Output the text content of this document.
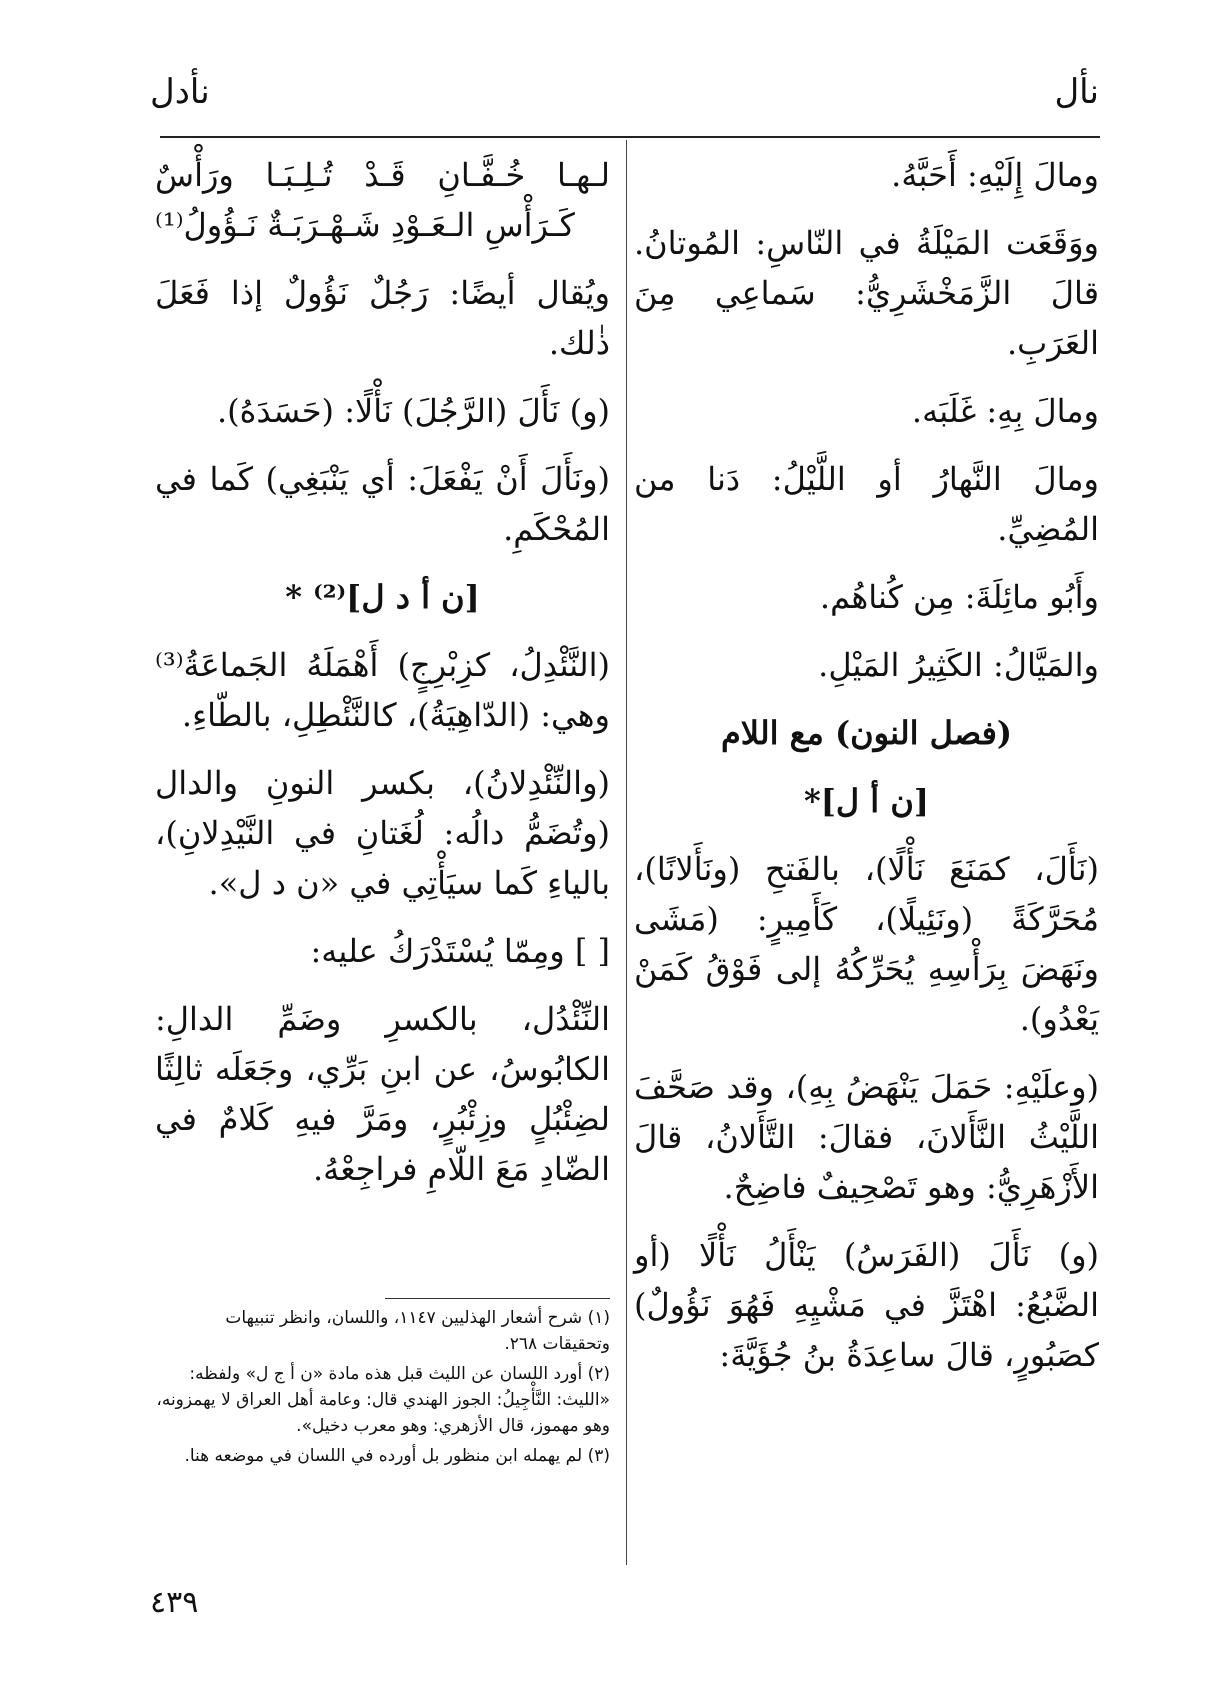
نأل
نأدل

ومالَ إِلَيْهِ: أَحَبَّهُ.

ووَقَعَت المَيْلَةُ في النّاسِ: المُوتانُ. قالَ الزَّمَخْشَرِيُّ: سَماعِي مِنَ العَرَبِ.

ومالَ بِهِ: غَلَبَه.

ومالَ النَّهارُ أو اللَّيْلُ: دَنا من المُضِيِّ.

وأَبُو مائِلَةَ: مِن كُناهُم.

والمَيَّالُ: الكَثِيرُ المَيْلِ.

(فصل النون) مع اللام

[ن أ ل]*

(نَأَلَ، كمَنَعَ نَأْلًا)، بالفَتحِ (ونَأَلانًا)، مُحَرَّكَةً (ونَئِيلًا)، كَأَمِيرٍ: (مَشَى ونَهَضَ بِرَأْسِهِ يُحَرِّكُهُ إلى فَوْقُ كَمَنْ يَعْدُو).

(وعلَيْهِ: حَمَلَ يَنْهَضُ بِهِ)، وقد صَحَّفَ اللَّيْثُ النَّأَلانَ، فقالَ: التَّأَلانُ، قالَ الأَزْهَرِيُّ: وهو تَصْحِيفٌ فاضِحٌ.

(و) نَأَلَ (الفَرَسُ) يَنْأَلُ نَأْلًا (أو الضَّبُعُ: اهْتَزَّ في مَشْيِهِ فَهُوَ نَؤُولٌ) كصَبُورٍ، قالَ ساعِدَةُ بنُ جُؤَيَّةَ:

لـهـا خُـفَّـانِ قَـدْ تُـلِـبَـا ورَأْسٌ

كَـرَأْسِ الـعَـوْدِ شَـهْـرَبَـةٌ نَـؤُولُ⁽¹⁾

ويُقال أيضًا: رَجُلٌ نَؤُولٌ إذا فَعَلَ ذٰلك.

(و) نَأَلَ (الرَّجُلَ) نَأْلًا: (حَسَدَهُ).

(ونَأَلَ أَنْ يَفْعَلَ: أي يَنْبَغِي) كَما في المُحْكَمِ.

[ن أ د ل]⁽²⁾ *

(النَّئْدِلُ، كزِبْرِجٍ) أَهْمَلَهُ الجَماعَةُ⁽³⁾ وهي: (الدّاهِيَةُ)، كالنَّئْطِلِ، بالطّاءِ.

(والنِّئْدِلانُ)، بكسر النونِ والدال (وتُضَمُّ دالُه: لُغَتانِ في النَّيْدِلانِ)، بالياءِ كَما سيَأْتِي في «ن د ل».

[ ] ومِمّا يُسْتَدْرَكُ عليه:

النِّئْدُل، بالكسرِ وضَمِّ الدالِ: الكابُوسُ، عن ابنِ بَرِّي، وجَعَلَه ثالِثًا لضِئْبُلٍ وزِئْبُرٍ، ومَرَّ فيهِ كَلامٌ في الضّادِ مَعَ اللّامِ فراجِعْهُ.

(١) شرح أشعار الهذليين ١١٤٧، واللسان، وانظر تنبيهات وتحقيقات ٢٦٨.
(٢) أورد اللسان عن الليث قبل هذه مادة «ن أ ج ل» ولفظه: «الليث: النَّأْجِيلُ: الجوز الهندي قال: وعامة أهل العراق لا يهمزونه، وهو مهموز، قال الأزهري: وهو معرب دخيل».
(٣) لم يهمله ابن منظور بل أورده في اللسان في موضعه هنا.
٤٣٩
